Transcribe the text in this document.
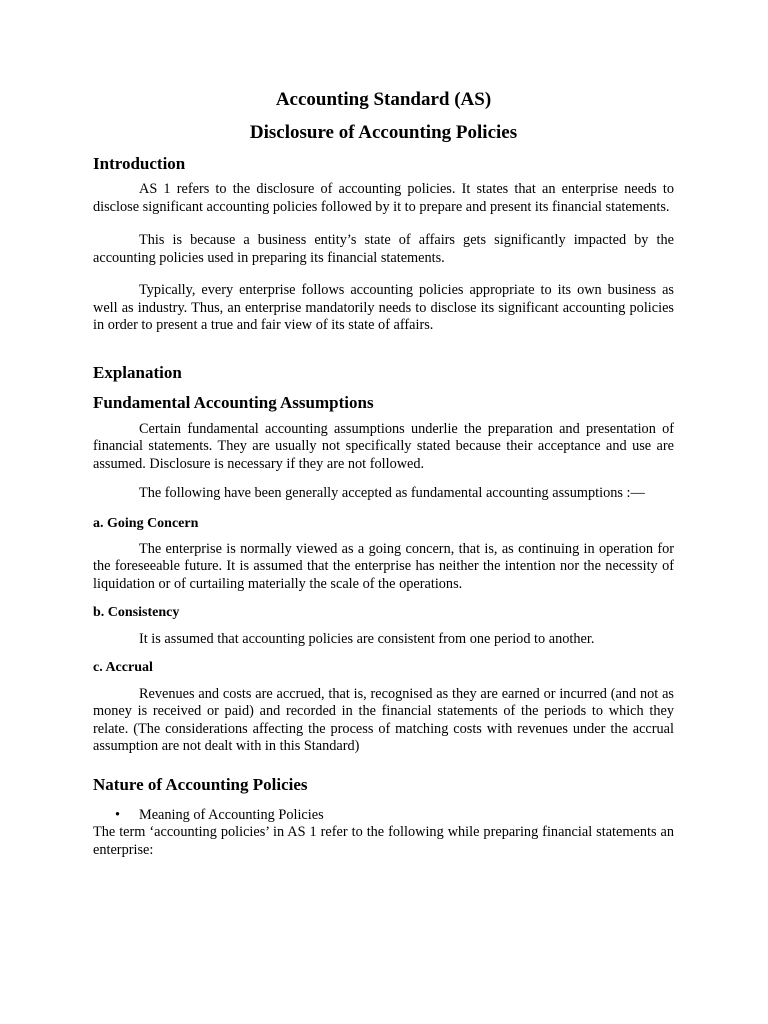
Accounting Standard (AS)

Disclosure of Accounting Policies

Introduction

AS 1 refers to the disclosure of accounting policies. It states that an enterprise needs to disclose significant accounting policies followed by it to prepare and present its financial statements.

This is because a business entity’s state of affairs gets significantly impacted by the accounting policies used in preparing its financial statements.

Typically, every enterprise follows accounting policies appropriate to its own business as well as industry. Thus, an enterprise mandatorily needs to disclose its significant accounting policies in order to present a true and fair view of its state of affairs.

Explanation

Fundamental Accounting Assumptions

Certain fundamental accounting assumptions underlie the preparation and presentation of financial statements. They are usually not specifically stated because their acceptance and use are assumed. Disclosure is necessary if they are not followed.

The following have been generally accepted as fundamental accounting assumptions :—

a. Going Concern

The enterprise is normally viewed as a going concern, that is, as continuing in operation for the foreseeable future. It is assumed that the enterprise has neither the intention nor the necessity of liquidation or of curtailing materially the scale of the operations.

b. Consistency

It is assumed that accounting policies are consistent from one period to another.

c. Accrual

Revenues and costs are accrued, that is, recognised as they are earned or incurred (and not as money is received or paid) and recorded in the financial statements of the periods to which they relate. (The considerations affecting the process of matching costs with revenues under the accrual assumption are not dealt with in this Standard)

Nature of Accounting Policies

• Meaning of Accounting Policies

The term ‘accounting policies’ in AS 1 refer to the following while preparing financial statements an enterprise:
